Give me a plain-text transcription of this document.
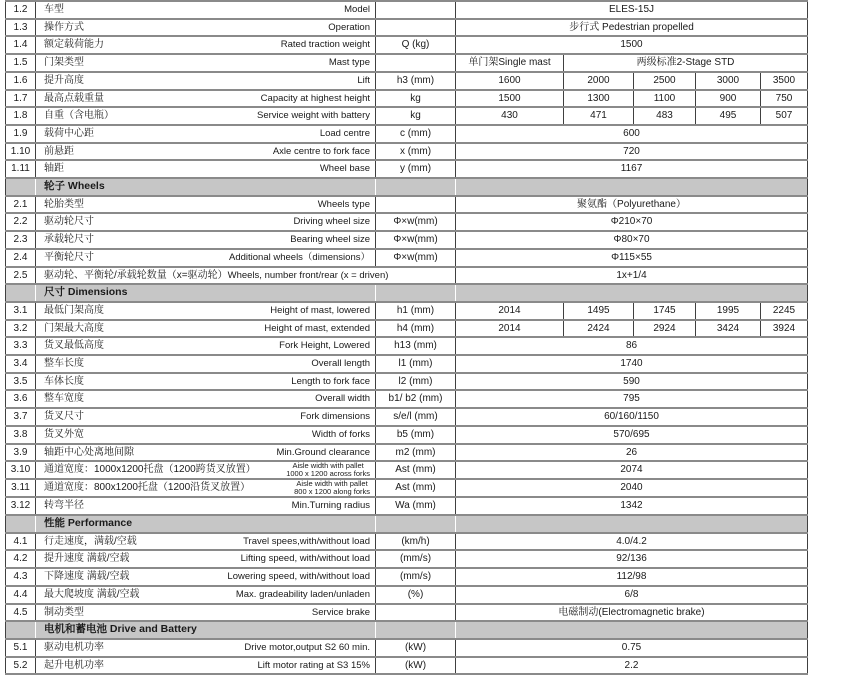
1.2	车型 Model		ELES-15J				
1.3	操作方式 Operation		步行式 Pedestrian propelled				
1.4	额定载荷能力 Rated traction weight	Q (kg)	1500				
1.5	门架类型 Mast type		单门架Single mast	两级标准2-Stage STD			
1.6	提升高度 Lift	h3 (mm)	1600	2000	2500	3000	3500
1.7	最高点载重量 Capacity at highest height	kg	1500	1300	1100	900	750
1.8	自重（含电瓶） Service weight with battery	kg	430	471	483	495	507
1.9	载荷中心距 Load centre	c (mm)	600				
1.10	前悬距 Axle centre to fork face	x (mm)	720				
1.11	轴距 Wheel base	y (mm)	1167				
	轮子 Wheels						
2.1	轮胎类型 Wheels type		聚氨酯（Polyurethane）				
2.2	驱动轮尺寸 Driving wheel size	Φ×w(mm)	Φ210×70				
2.3	承载轮尺寸 Bearing wheel size	Φ×w(mm)	Φ80×70				
2.4	平衡轮尺寸 Additional wheels（dimensions）	Φ×w(mm)	Φ115×55				
2.5	驱动轮、平衡轮/承载轮数量（x=驱动轮） Wheels, number front/rear (x = driven)		1x+1/4				
	尺寸 Dimensions						
3.1	最低门架高度 Height of mast, lowered	h1 (mm)	2014	1495	1745	1995	2245
3.2	门架最大高度 Height of mast, extended	h4 (mm)	2014	2424	2924	3424	3924
3.3	货叉最低高度 Fork Height, Lowered	h13 (mm)	86				
3.4	整车长度 Overall length	l1 (mm)	1740				
3.5	车体长度 Length to fork face	l2 (mm)	590				
3.6	整车宽度 Overall width	b1/ b2 (mm)	795				
3.7	货叉尺寸 Fork dimensions	s/e/l (mm)	60/160/1150				
3.8	货叉外宽 Width of forks	b5 (mm)	570/695				
3.9	轴距中心处离地间隙 Min.Ground clearance	m2 (mm)	26				
3.10	通道宽度：1000x1200托盘（1200跨货叉放置） Aisle width with pallet
1000 x 1200 across forks	Ast (mm)	2074				
3.11	通道宽度：800x1200托盘（1200沿货叉放置） Aisle width with pallet
800 x 1200 along forks	Ast (mm)	2040				
3.12	转弯半径 Min.Turning radius	Wa (mm)	1342				
	性能 Performance						
4.1	行走速度，满载/空载 Travel spees,with/without load	(km/h)	4.0/4.2				
4.2	提升速度 满载/空载 Lifting speed, with/without load	(mm/s)	92/136				
4.3	下降速度 满载/空载 Lowering speed, with/without load	(mm/s)	112/98				
4.4	最大爬坡度 满载/空载 Max. gradeability laden/unladen	(%)	6/8				
4.5	制动类型 Service brake		电磁制动(Electromagnetic brake)				
	电机和蓄电池 Drive and Battery						
5.1	驱动电机功率 Drive motor,output S2 60 min.	(kW)	0.75				
5.2	起升电机功率 Lift motor rating at S3 15%	(kW)	2.2				
